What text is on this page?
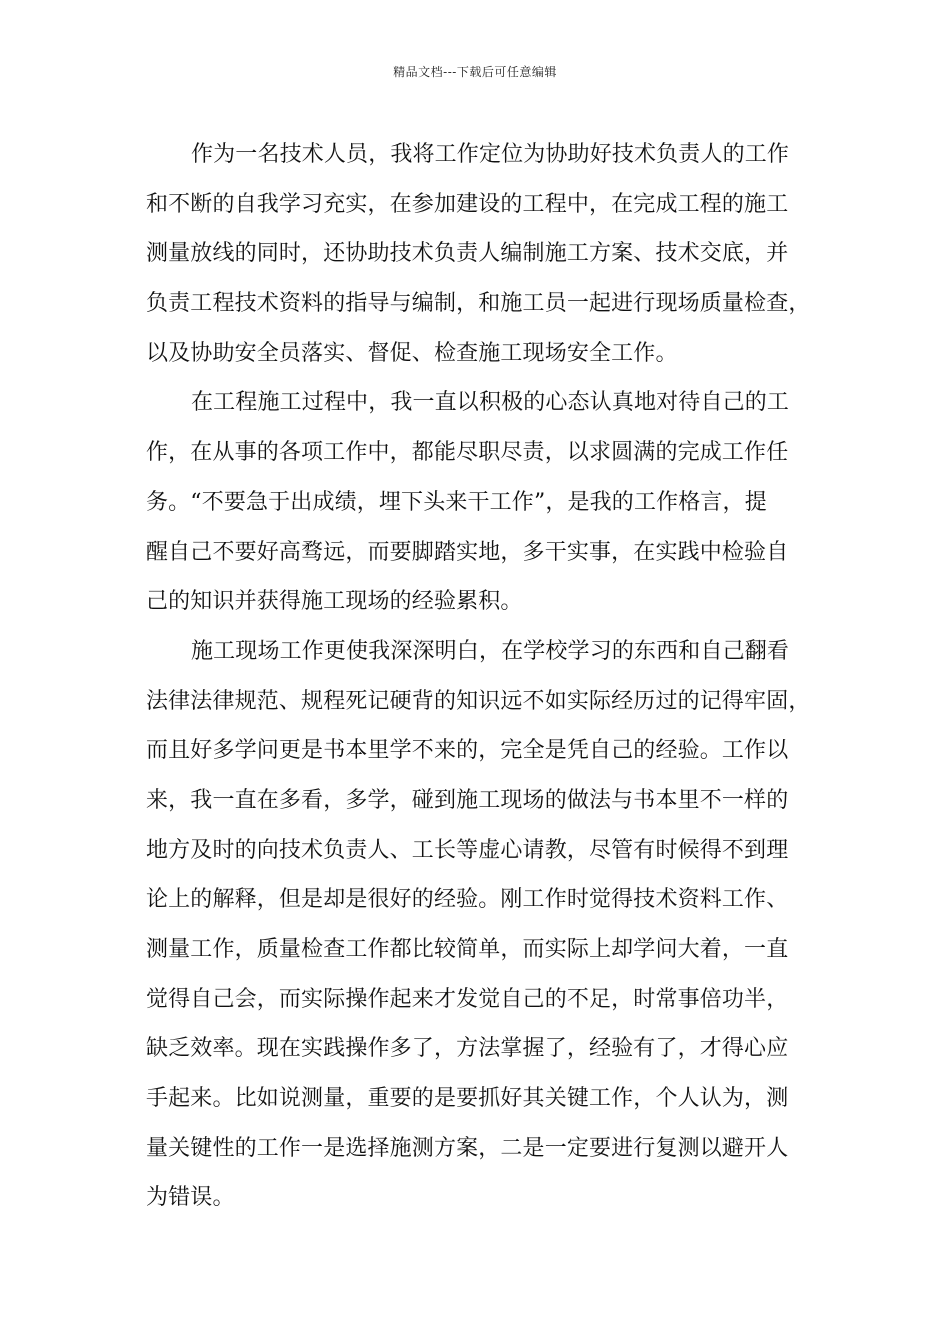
精品文档---下载后可任意编辑
作为一名技术人员，我将工作定位为协助好技术负责人的工作
和不断的自我学习充实，在参加建设的工程中，在完成工程的施工
测量放线的同时，还协助技术负责人编制施工方案、技术交底，并
负责工程技术资料的指导与编制，和施工员一起进行现场质量检查，
以及协助安全员落实、督促、检查施工现场安全工作。
在工程施工过程中，我一直以积极的心态认真地对待自己的工
作，在从事的各项工作中，都能尽职尽责，以求圆满的完成工作任
务。“不要急于出成绩，埋下头来干工作”，是我的工作格言，提
醒自己不要好高骛远，而要脚踏实地，多干实事，在实践中检验自
己的知识并获得施工现场的经验累积。
施工现场工作更使我深深明白，在学校学习的东西和自己翻看
法律法律规范、规程死记硬背的知识远不如实际经历过的记得牢固，
而且好多学问更是书本里学不来的，完全是凭自己的经验。工作以
来，我一直在多看，多学，碰到施工现场的做法与书本里不一样的
地方及时的向技术负责人、工长等虚心请教，尽管有时候得不到理
论上的解释，但是却是很好的经验。刚工作时觉得技术资料工作、
测量工作，质量检查工作都比较简单，而实际上却学问大着，一直
觉得自己会，而实际操作起来才发觉自己的不足，时常事倍功半，
缺乏效率。现在实践操作多了，方法掌握了，经验有了，才得心应
手起来。比如说测量，重要的是要抓好其关键工作，个人认为，测
量关键性的工作一是选择施测方案，二是一定要进行复测以避开人
为错误。
